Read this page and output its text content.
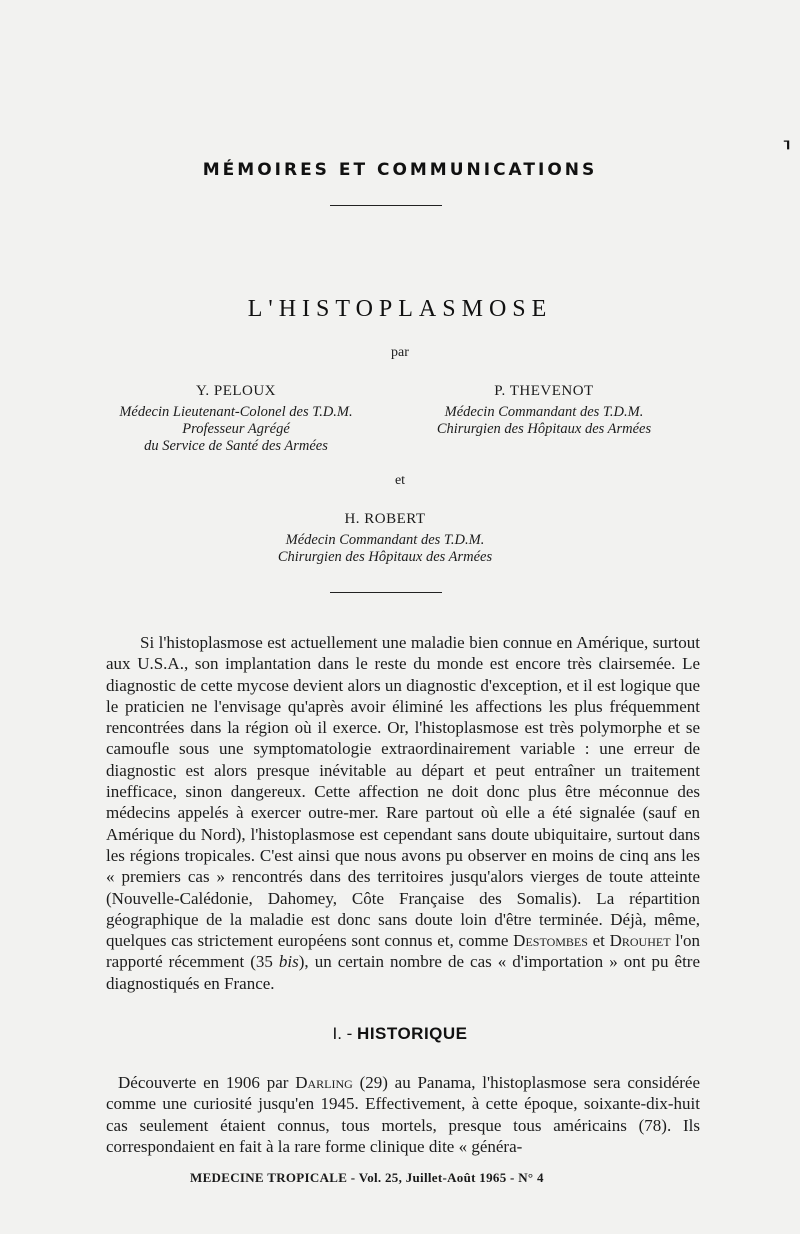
┒
MÉMOIRES ET COMMUNICATIONS
L'HISTOPLASMOSE
par
Y. PELOUX
Médecin Lieutenant-Colonel des T.D.M.
Professeur Agrégé
du Service de Santé des Armées
P. THEVENOT
Médecin Commandant des T.D.M.
Chirurgien des Hôpitaux des Armées
et
H. ROBERT
Médecin Commandant des T.D.M.
Chirurgien des Hôpitaux des Armées

Si l'histoplasmose est actuellement une maladie bien connue en Amérique, surtout aux U.S.A., son implantation dans le reste du monde est encore très clairsemée. Le diagnostic de cette mycose devient alors un diagnostic d'exception, et il est logique que le praticien ne l'envisage qu'après avoir éliminé les affections les plus fréquemment rencontrées dans la région où il exerce. Or, l'histoplasmose est très polymorphe et se camoufle sous une symptomatologie extraordinairement variable : une erreur de diagnostic est alors presque inévitable au départ et peut entraîner un traitement inefficace, sinon dangereux. Cette affection ne doit donc plus être méconnue des médecins appelés à exercer outre-mer. Rare partout où elle a été signalée (sauf en Amérique du Nord), l'histoplasmose est cependant sans doute ubiquitaire, surtout dans les régions tropicales. C'est ainsi que nous avons pu observer en moins de cinq ans les « premiers cas » rencontrés dans des territoires jusqu'alors vierges de toute atteinte (Nouvelle-Calédonie, Dahomey, Côte Française des Somalis). La répartition géographique de la maladie est donc sans doute loin d'être terminée. Déjà, même, quelques cas strictement européens sont connus et, comme Destombes et Drouhet l'on rapporté récemment (35 bis), un certain nombre de cas « d'importation » ont pu être diagnostiqués en France.

I. - HISTORIQUE

Découverte en 1906 par Darling (29) au Panama, l'histoplasmose sera considérée comme une curiosité jusqu'en 1945. Effectivement, à cette époque, soixante-dix-huit cas seulement étaient connus, tous mortels, presque tous américains (78). Ils correspondaient en fait à la rare forme clinique dite « généra-

MEDECINE TROPICALE - Vol. 25, Juillet-Août 1965 - N° 4
